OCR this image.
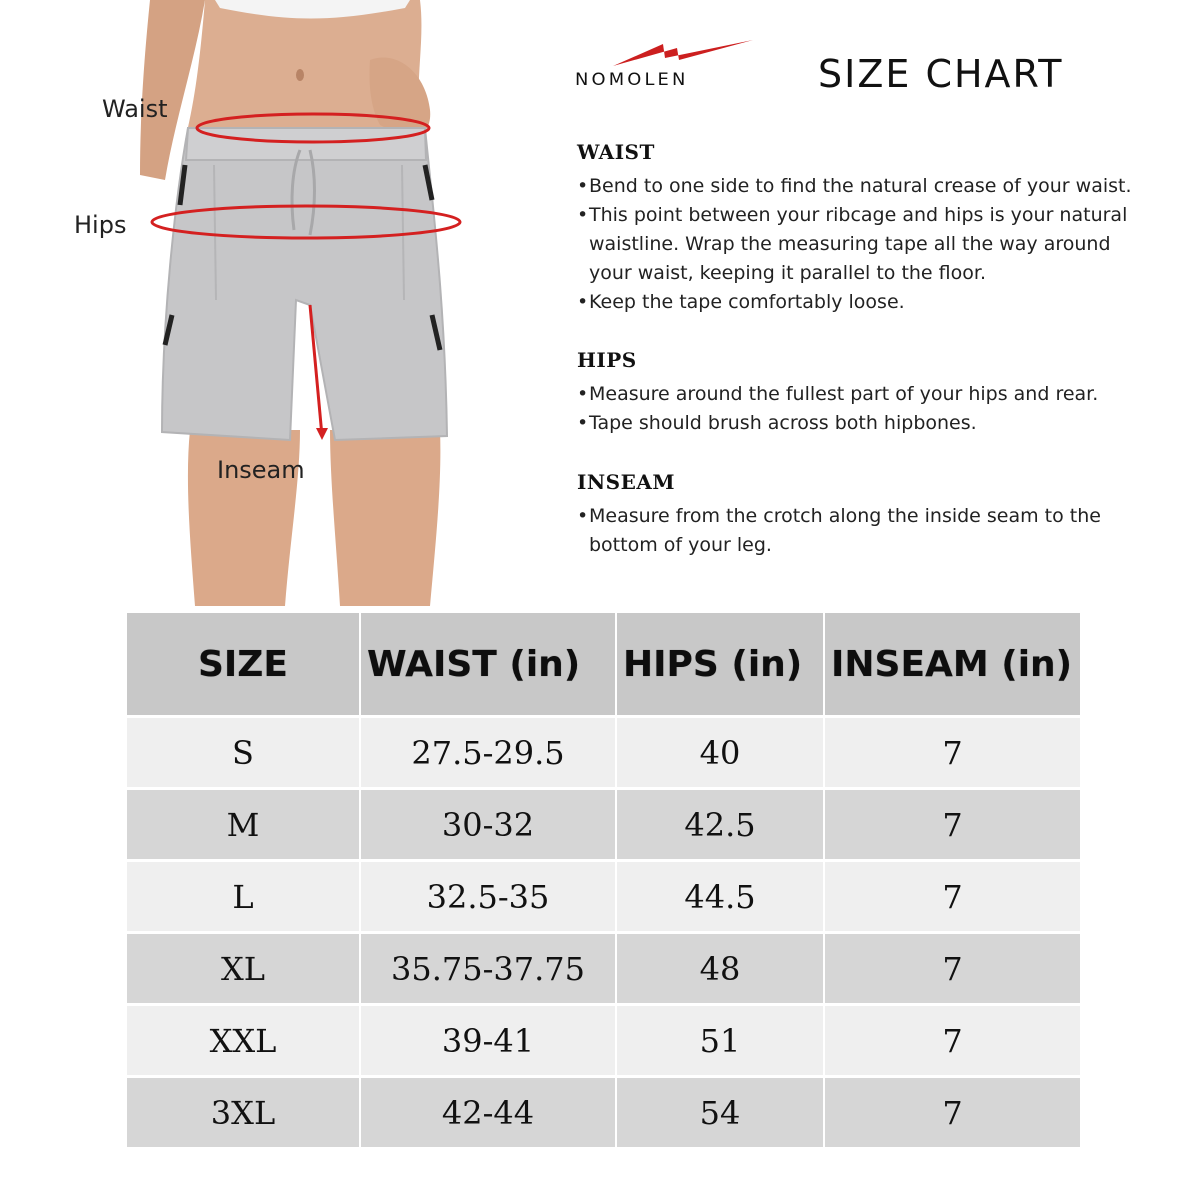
Waist
Hips
Inseam
NOMOLEN	SIZE CHART
WAIST
• Bend to one side to find the natural crease of your waist.
• This point between your ribcage and hips is your natural waistline. Wrap the measuring tape all the way around your waist, keeping it parallel to the floor.
• Keep the tape comfortably loose.
HIPS
• Measure around the fullest part of your hips and rear.
• Tape should brush across both hipbones.
INSEAM
• Measure from the crotch along the inside seam to the bottom of your leg.
SIZE	WAIST (in)	HIPS (in)	INSEAM (in)
S	27.5-29.5	40	7
M	30-32	42.5	7
L	32.5-35	44.5	7
XL	35.75-37.75	48	7
XXL	39-41	51	7
3XL	42-44	54	7
